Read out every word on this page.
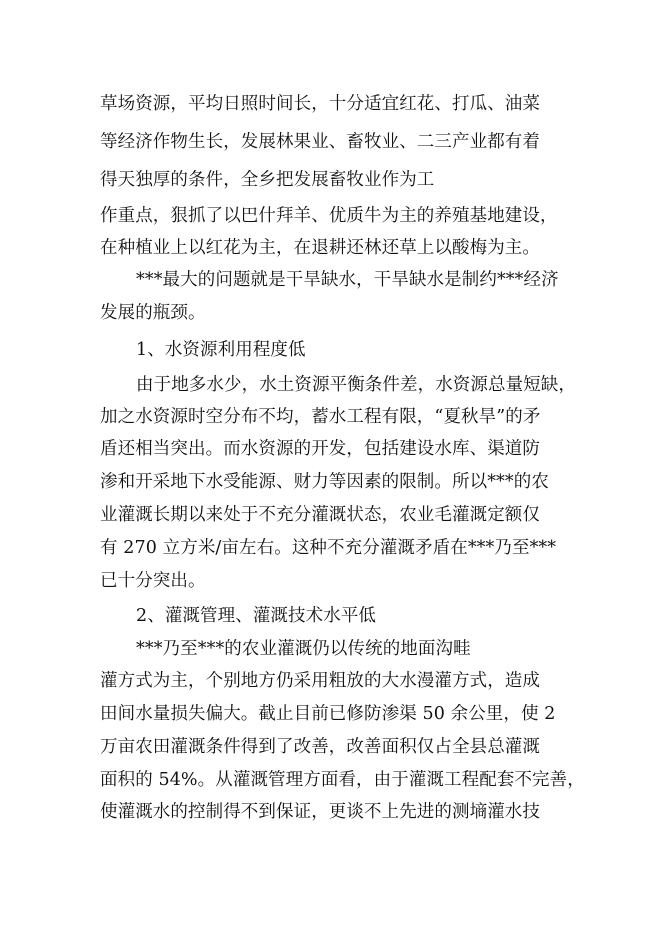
草场资源，平均日照时间长，十分适宜红花、打瓜、油菜

等经济作物生长，发展林果业、畜牧业、二三产业都有着

得天独厚的条件，全乡把发展畜牧业作为工

作重点，狠抓了以巴什拜羊、优质牛为主的养殖基地建设，

在种植业上以红花为主，在退耕还林还草上以酸梅为主。

***最大的问题就是干旱缺水，干旱缺水是制约***经济

发展的瓶颈。

1、水资源利用程度低

由于地多水少，水土资源平衡条件差，水资源总量短缺，

加之水资源时空分布不均，蓄水工程有限，“夏秋旱”的矛

盾还相当突出。而水资源的开发，包括建设水库、渠道防

渗和开采地下水受能源、财力等因素的限制。所以***的农

业灌溉长期以来处于不充分灌溉状态，农业毛灌溉定额仅

有 270 立方米/亩左右。这种不充分灌溉矛盾在***乃至***

已十分突出。

2、灌溉管理、灌溉技术水平低

***乃至***的农业灌溉仍以传统的地面沟畦

灌方式为主，个别地方仍采用粗放的大水漫灌方式，造成

田间水量损失偏大。截止目前已修防渗渠 50 余公里，使 2

万亩农田灌溉条件得到了改善，改善面积仅占全县总灌溉

面积的 54%。从灌溉管理方面看，由于灌溉工程配套不完善，

使灌溉水的控制得不到保证，更谈不上先进的测墒灌水技
